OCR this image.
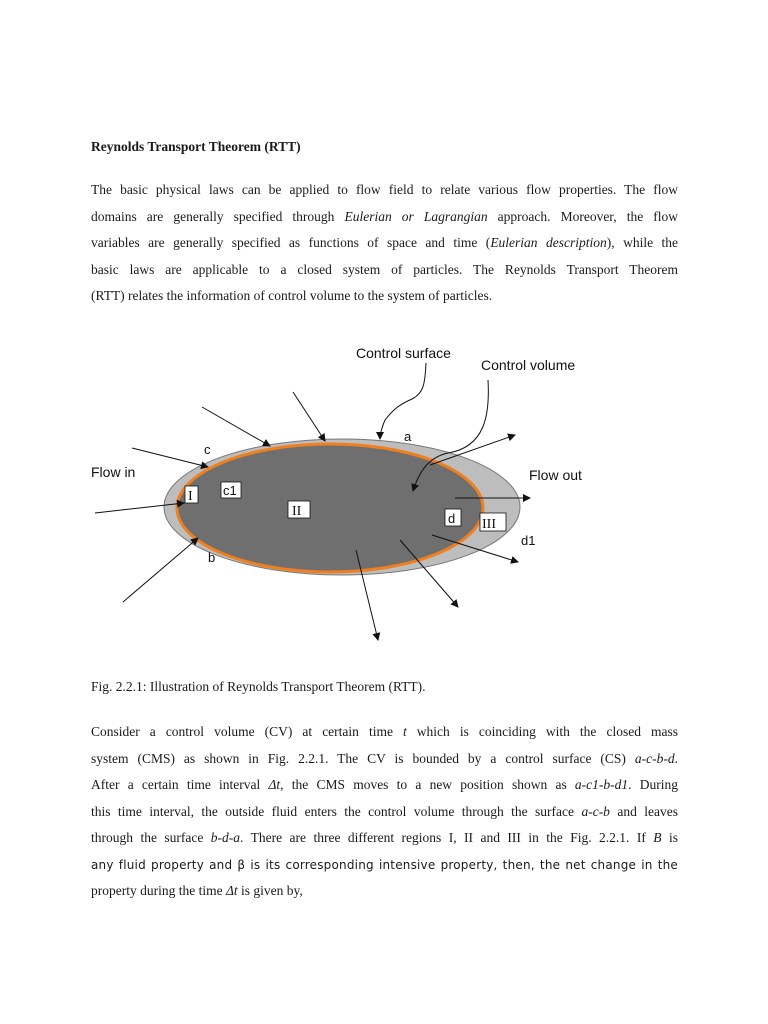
Reynolds Transport Theorem (RTT)
The basic physical laws can be applied to flow field to relate various flow properties. The flow
domains are generally specified through Eulerian or Lagrangian approach. Moreover, the flow
variables are generally specified as functions of space and time (Eulerian description), while the
basic laws are applicable to a closed system of particles. The Reynolds Transport Theorem
(RTT) relates the information of control volume to the system of particles.
Control surface
Control volume
Flow in	Flow out
a
c
b
d1
I c1
II	d III
Fig. 2.2.1: Illustration of Reynolds Transport Theorem (RTT).
Consider a control volume (CV) at certain time t which is coinciding with the closed mass
system (CMS) as shown in Fig. 2.2.1. The CV is bounded by a control surface (CS) a-c-b-d.
After a certain time interval Δt, the CMS moves to a new position shown as a-c1-b-d1. During
this time interval, the outside fluid enters the control volume through the surface a-c-b and leaves
through the surface b-d-a. There are three different regions I, II and III in the Fig. 2.2.1. If B is
any fluid property and β is its corresponding intensive property, then, the net change in the
property during the time Δt is given by,
